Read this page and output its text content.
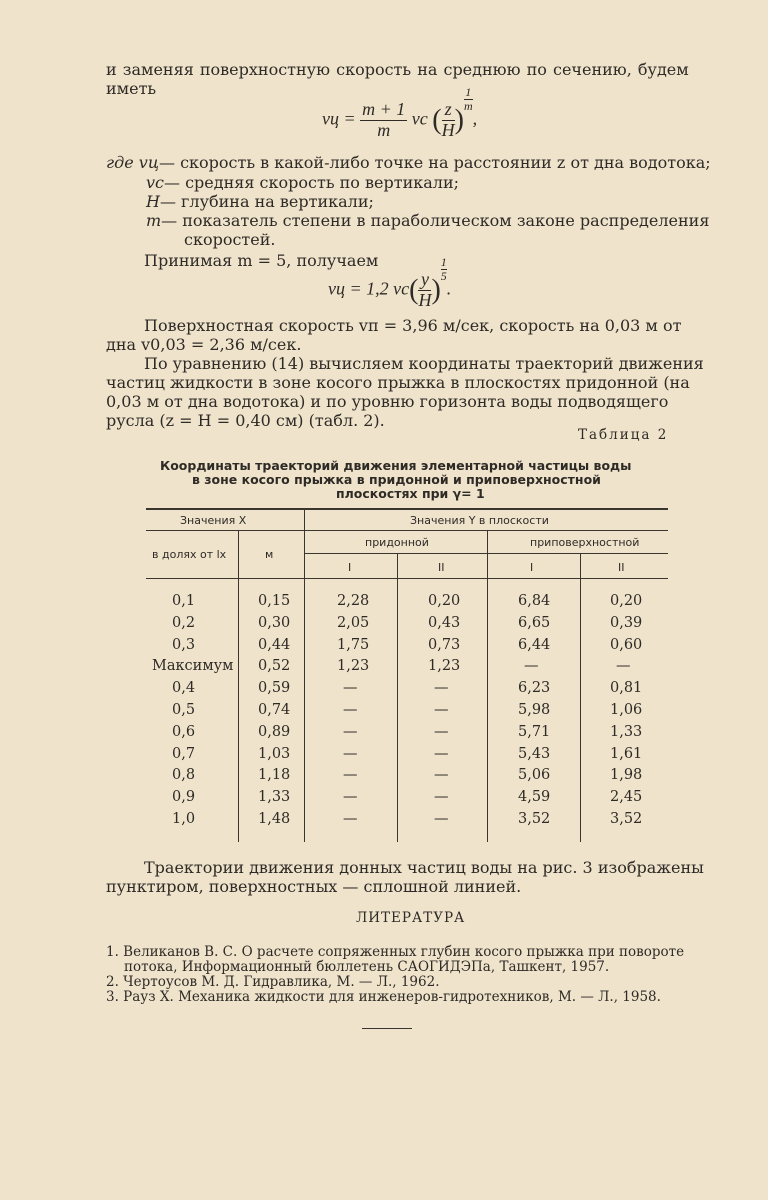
и заменяя поверхностную скорость на среднюю по сечению, будем
иметь
vц = $\frac{m + 1}{m}$ vс ( $\frac{z}{H}$ )
$\frac{1}{m}$
,
где vц— скорость в какой-либо точке на расстоянии z от дна водотока;
vс— средняя скорость по вертикали;
H— глубина на вертикали;
m— показатель степени в параболическом законе распределения
скоростей.
Принимая m = 5, получаем
vц = 1,2 $vс( \frac{y}{H}$ )
$\frac{1}{5}$
.
Поверхностная скорость vп = 3,96 м/сек, скорость на 0,03 м от
дна v0,03 = 2,36 м/сек.
По уравнению (14) вычисляем координаты траекторий движения
частиц жидкости в зоне косого прыжка в плоскостях придонной (на
0,03 м от дна водотока) и по уровню горизонта воды подводящего
русла (z = H = 0,40 см) (табл. 2).
Таблица 2
Координаты траекторий движения элементарной частицы воды
в зоне косого прыжка в придонной и приповерхностной
плоскостях при γ= 1
Значения X	Значения Y в плоскости
в долях от lx	м
придонной	приповерхностной
I	II	I	II
0,1	0,15	2,28	0,20	6,84	0,20
0,2	0,30	2,05	0,43	6,65	0,39
0,3	0,44	1,75	0,73	6,44	0,60
Максимум 0,52	1,23	1,23	—	—
0,4	0,59	—	—	6,23	0,81
0,5	0,74	—	—	5,98	1,06
0,6	0,89	—	—	5,71	1,33
0,7	1,03	—	—	5,43	1,61
0,8	1,18	—	—	5,06	1,98
0,9	1,33	—	—	4,59	2,45
1,0	1,48	—	—	3,52	3,52
Траектории движения донных частиц воды на рис. 3 изображены
пунктиром, поверхностных — сплошной линией.
ЛИТЕРАТУРА
1. Великанов В. С. О расчете сопряженных глубин косого прыжка при повороте
потока, Информационный бюллетень САОГИДЭПа, Ташкент, 1957.
2. Чертоусов М. Д. Гидравлика, М. — Л., 1962.
3. Рауз Х. Механика жидкости для инженеров-гидротехников, М. — Л., 1958.
